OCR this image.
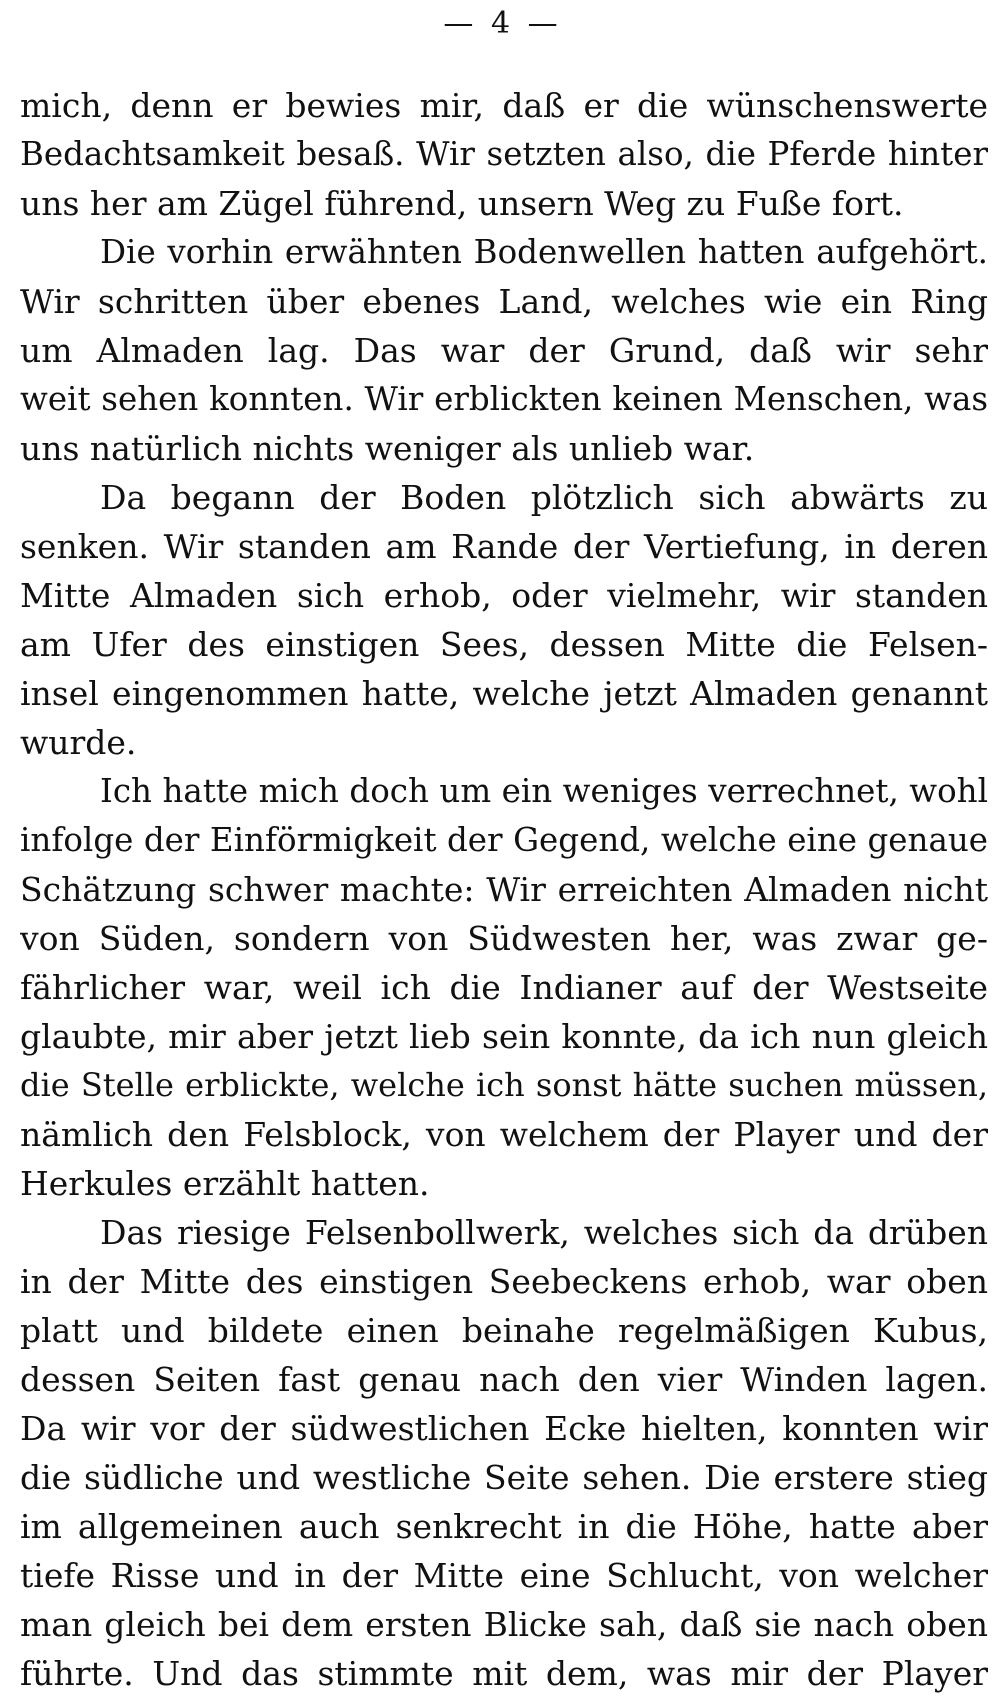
— 4 —
mich, denn er bewies mir, daß er die wünschenswerte
Bedachtsamkeit besaß. Wir setzten also, die Pferde hinter
uns her am Zügel führend, unsern Weg zu Fuße fort.
Die vorhin erwähnten Bodenwellen hatten aufgehört.
Wir schritten über ebenes Land, welches wie ein Ring
um Almaden lag. Das war der Grund, daß wir sehr
weit sehen konnten. Wir erblickten keinen Menschen, was
uns natürlich nichts weniger als unlieb war.
Da begann der Boden plötzlich sich abwärts zu
senken. Wir standen am Rande der Vertiefung, in deren
Mitte Almaden sich erhob, oder vielmehr, wir standen
am Ufer des einstigen Sees, dessen Mitte die Felsen-
insel eingenommen hatte, welche jetzt Almaden genannt
wurde.
Ich hatte mich doch um ein weniges verrechnet, wohl
infolge der Einförmigkeit der Gegend, welche eine genaue
Schätzung schwer machte: Wir erreichten Almaden nicht
von Süden, sondern von Südwesten her, was zwar ge-
fährlicher war, weil ich die Indianer auf der Westseite
glaubte, mir aber jetzt lieb sein konnte, da ich nun gleich
die Stelle erblickte, welche ich sonst hätte suchen müssen,
nämlich den Felsblock, von welchem der Player und der
Herkules erzählt hatten.
Das riesige Felsenbollwerk, welches sich da drüben
in der Mitte des einstigen Seebeckens erhob, war oben
platt und bildete einen beinahe regelmäßigen Kubus,
dessen Seiten fast genau nach den vier Winden lagen.
Da wir vor der südwestlichen Ecke hielten, konnten wir
die südliche und westliche Seite sehen. Die erstere stieg
im allgemeinen auch senkrecht in die Höhe, hatte aber
tiefe Risse und in der Mitte eine Schlucht, von welcher
man gleich bei dem ersten Blicke sah, daß sie nach oben
führte. Und das stimmte mit dem, was mir der Player
